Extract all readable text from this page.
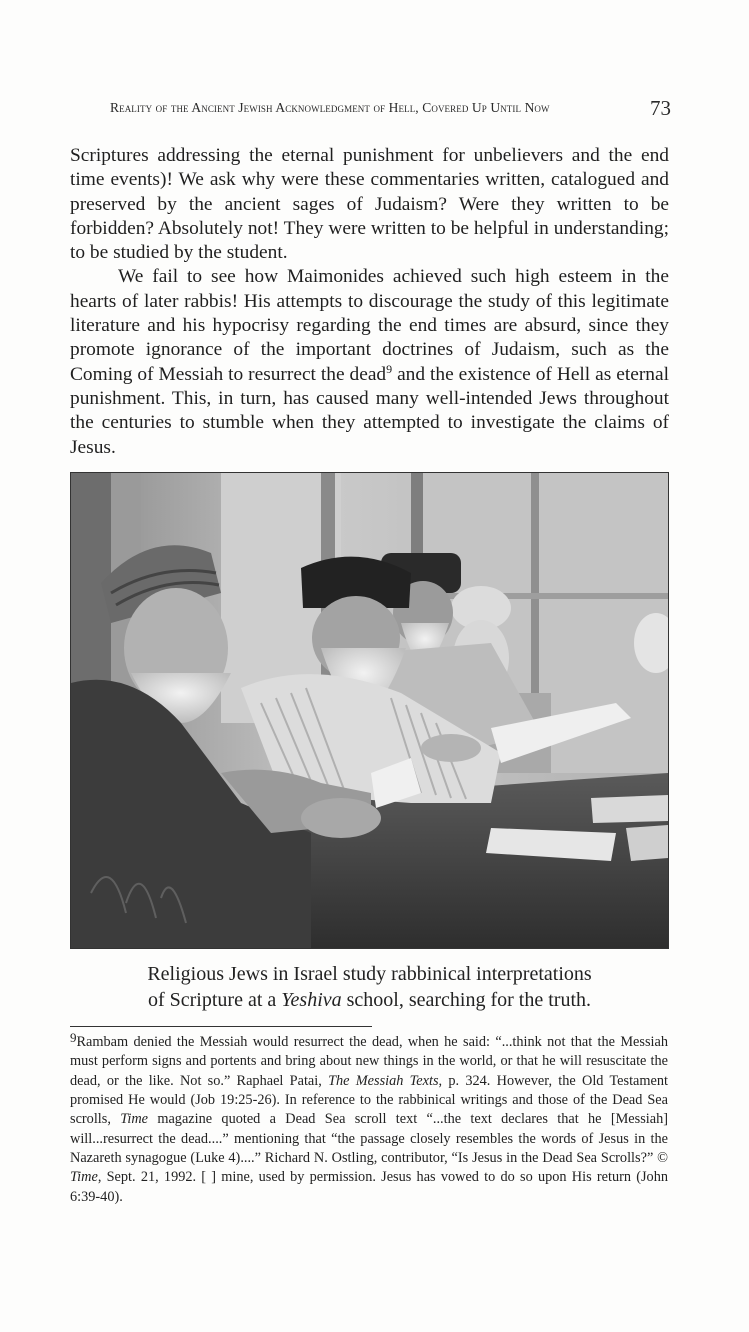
Reality of the Ancient Jewish Acknowledgment of Hell, Covered Up Until Now	73

Scriptures addressing the eternal punishment for unbelievers and the end time events)! We ask why were these commentaries written, catalogued and preserved by the ancient sages of Judaism? Were they written to be forbidden? Absolutely not! They were written to be helpful in understanding; to be studied by the student.

We fail to see how Maimonides achieved such high esteem in the hearts of later rabbis! His attempts to discourage the study of this legitimate literature and his hypocrisy regarding the end times are absurd, since they promote ignorance of the important doctrines of Judaism, such as the Coming of Messiah to resurrect the dead$^9$ and the existence of Hell as eternal punishment. This, in turn, has caused many well-intended Jews throughout the centuries to stumble when they attempted to investigate the claims of Jesus.

Religious Jews in Israel study rabbinical interpretations
of Scripture at a Yeshiva school, searching for the truth.

9Rambam denied the Messiah would resurrect the dead, when he said: “...think not that the Messiah must perform signs and portents and bring about new things in the world, or that he will resuscitate the dead, or the like. Not so.” Raphael Patai, The Messiah Texts, p. 324. However, the Old Testament promised He would (Job 19:25-26). In reference to the rabbinical writings and those of the Dead Sea scrolls, Time magazine quoted a Dead Sea scroll text “...the text declares that he [Messiah] will...resurrect the dead....” mentioning that “the passage closely resembles the words of Jesus in the Nazareth synagogue (Luke 4)....” Richard N. Ostling, contributor, “Is Jesus in the Dead Sea Scrolls?” © Time, Sept. 21, 1992. [ ] mine, used by permission. Jesus has vowed to do so upon His return (John 6:39-40).
